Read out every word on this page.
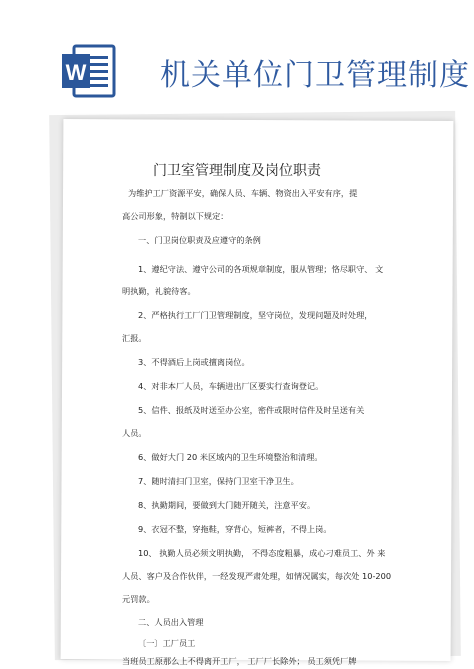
W 机关单位门卫管理制度
门卫室管理制度及岗位职责
为维护工厂资源平安，确保人员、车辆、物资出入平安有序，提
高公司形象，特制以下规定：
一、门卫岗位职责及应遵守的条例
1、遵纪守法、遵守公司的各项规章制度，服从管理；恪尽职守、 文
明执勤，礼貌待客。
2、严格执行工厂门卫管理制度，坚守岗位，发现问题及时处理，
汇报。
3、不得酒后上岗或擅离岗位。
4、对非本厂人员，车辆进出厂区要实行查询登记。
5、信件、报纸及时送至办公室，密件或限时信件及时呈送有关
人员。
6、做好大门 20 米区域内的卫生环境整治和清理。
7、随时清扫门卫室，保持门卫室干净卫生。
8、执勤期间，要做到大门随开随关，注意平安。
9、衣冠不整，穿拖鞋，穿背心，短裤者，不得上岗。
10、 执勤人员必须文明执勤， 不得态度粗暴，成心刁难员工、外 来
人员、客户及合作伙伴，一经发现严肃处理，如情况属实，每次处 10-200
元罚款。
二、人员出入管理
〔一〕工厂员工
当班员工原那么上不得离开工厂， 工厂厂长除外； 员工须凭厂牌
